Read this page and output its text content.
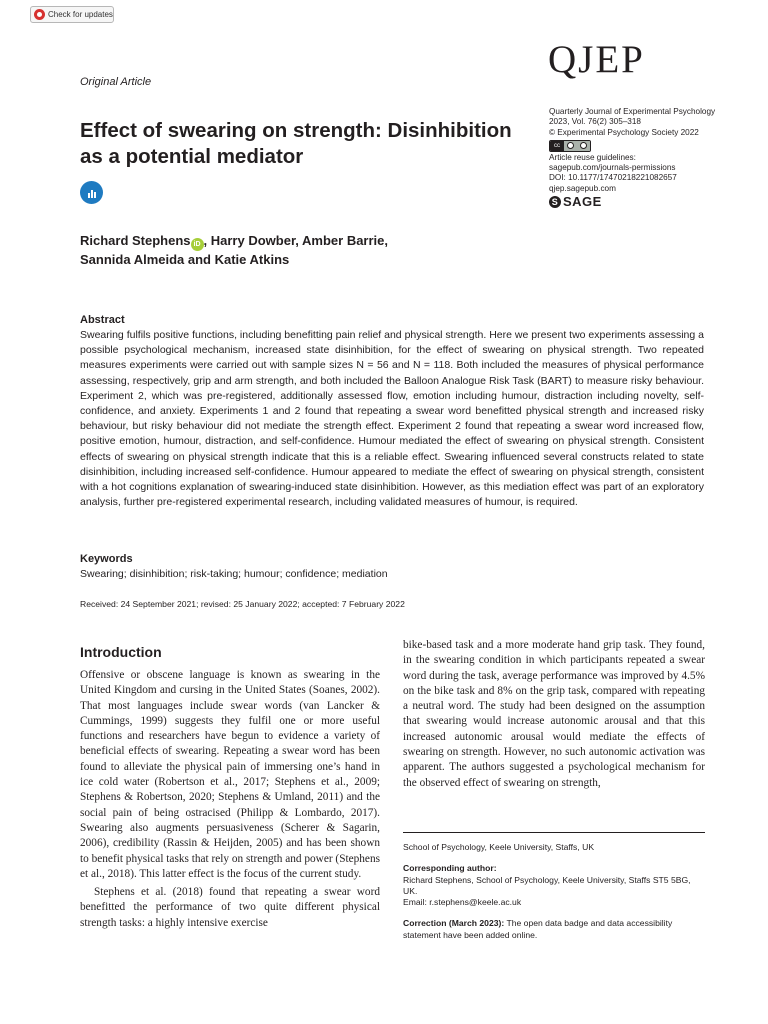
Check for updates
Original Article
QJEP
Quarterly Journal of Experimental Psychology
2023, Vol. 76(2) 305–318
© Experimental Psychology Society 2022
cc
Article reuse guidelines:
sagepub.com/journals-permissions
DOI: 10.1177/17470218221082657
qjep.sagepub.com
S SAGE
Effect of swearing on strength: Disinhibition as a potential mediator
Richard Stephens iD , Harry Dowber, Amber Barrie,
Sannida Almeida and Katie Atkins
Abstract

Swearing fulfils positive functions, including benefitting pain relief and physical strength. Here we present two experiments assessing a possible psychological mechanism, increased state disinhibition, for the effect of swearing on physical strength. Two repeated measures experiments were carried out with sample sizes N = 56 and N = 118. Both included the measures of physical performance assessing, respectively, grip and arm strength, and both included the Balloon Analogue Risk Task (BART) to measure risky behaviour. Experiment 2, which was pre-registered, additionally assessed flow, emotion including humour, distraction including novelty, self-confidence, and anxiety. Experiments 1 and 2 found that repeating a swear word benefitted physical strength and increased risky behaviour, but risky behaviour did not mediate the strength effect. Experiment 2 found that repeating a swear word increased flow, positive emotion, humour, distraction, and self-confidence. Humour mediated the effect of swearing on physical strength. Consistent effects of swearing on physical strength indicate that this is a reliable effect. Swearing influenced several constructs related to state disinhibition, including increased self-confidence. Humour appeared to mediate the effect of swearing on physical strength, consistent with a hot cognitions explanation of swearing-induced state disinhibition. However, as this mediation effect was part of an exploratory analysis, further pre-registered experimental research, including validated measures of humour, is required.

Keywords

Swearing; disinhibition; risk-taking; humour; confidence; mediation

Received: 24 September 2021; revised: 25 January 2022; accepted: 7 February 2022
Introduction

Offensive or obscene language is known as swearing in the United Kingdom and cursing in the United States (Soanes, 2002). That most languages include swear words (van Lancker & Cummings, 1999) suggests they fulfil one or more useful functions and researchers have begun to evidence a variety of beneficial effects of swearing. Repeating a swear word has been found to alleviate the physical pain of immersing one’s hand in ice cold water (Robertson et al., 2017; Stephens et al., 2009; Stephens & Robertson, 2020; Stephens & Umland, 2011) and the social pain of being ostracised (Philipp & Lombardo, 2017). Swearing also augments persuasiveness (Scherer & Sagarin, 2006), credibility (Rassin & Heijden, 2005) and has been shown to benefit physical tasks that rely on strength and power (Stephens et al., 2018). This latter effect is the focus of the current study.

Stephens et al. (2018) found that repeating a swear word benefitted the performance of two quite different physical strength tasks: a highly intensive exercise

bike-based task and a more moderate hand grip task. They found, in the swearing condition in which participants repeated a swear word during the task, average performance was improved by 4.5% on the bike task and 8% on the grip task, compared with repeating a neutral word. The study had been designed on the assumption that swearing would increase autonomic arousal and that this increased autonomic arousal would mediate the effects of swearing on strength. However, no such autonomic activation was apparent. The authors suggested a psychological mechanism for the observed effect of swearing on strength,

School of Psychology, Keele University, Staffs, UK
Corresponding author:
Richard Stephens, School of Psychology, Keele University, Staffs ST5 5BG, UK.
Email: r.stephens@keele.ac.uk
Correction (March 2023): The open data badge and data accessibility statement have been added online.
